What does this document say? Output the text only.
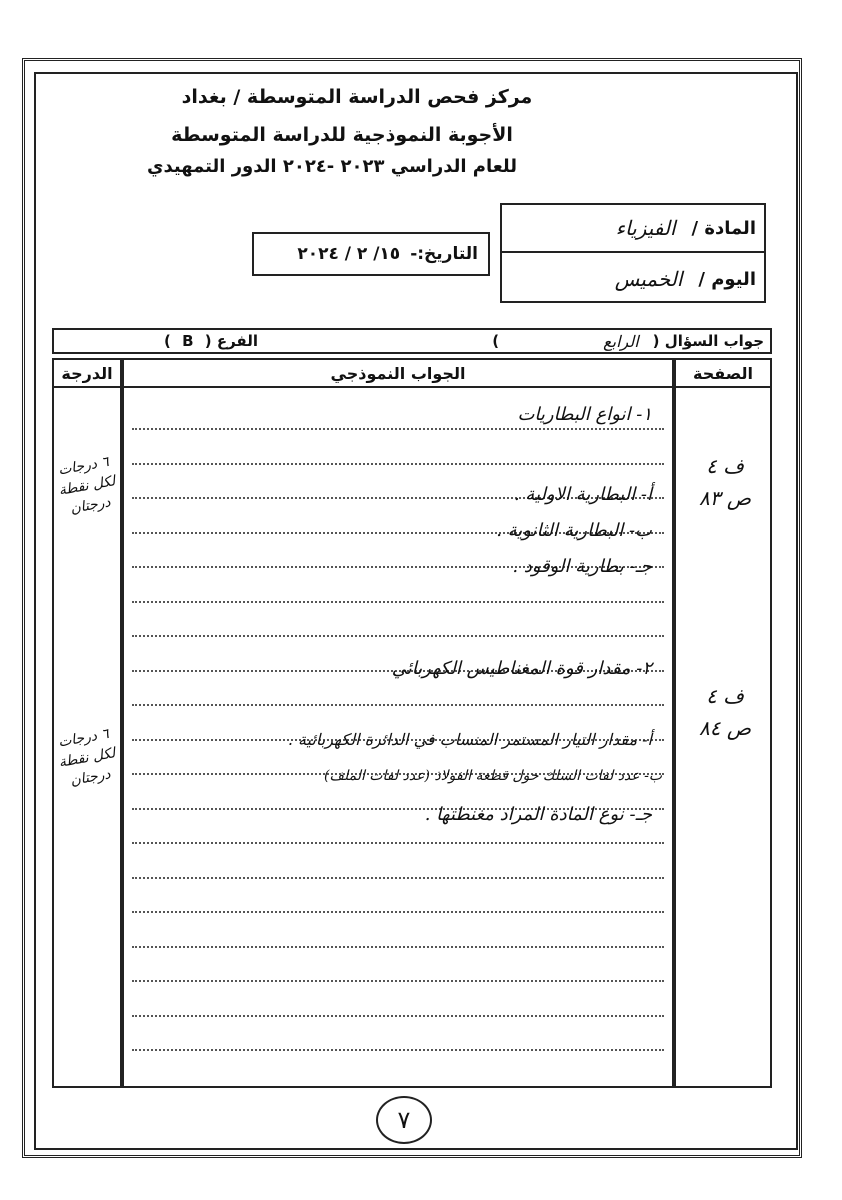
مركز فحص الدراسة المتوسطة / بغداد
الأجوبة النموذجية للدراسة المتوسطة
للعام الدراسي ٢٠٢٣ -٢٠٢٤ الدور التمهيدي
المادة /
الفيزياء
اليوم /
الخميس
التاريخ:-
١٥/ ٢ / ٢٠٢٤
جواب السؤال (
الرابع
)
الفرع ( B )
الدرجة	الجواب النموذجي	الصفحة
١- انواع البطاريات
أ- البطارية الاولية .
ب- البطارية الثانوية .
جـ- بطارية الوقود .
٢- مقدار قوة المغناطيس الكهربائي
أ- مقدار التيار المستمر المنساب في الدائرة الكهربائية .
ب- عدد لفات السلك حول قطعة الفولاذ (عدد لفات الملف)
جـ- نوع المادة المراد مغنطتها .
٦ درجات
لكل نقطة
درجتان
٦ درجات
لكل نقطة
درجتان
ف ٤
ص ٨٣
ف ٤
ص ٨٤
٧
